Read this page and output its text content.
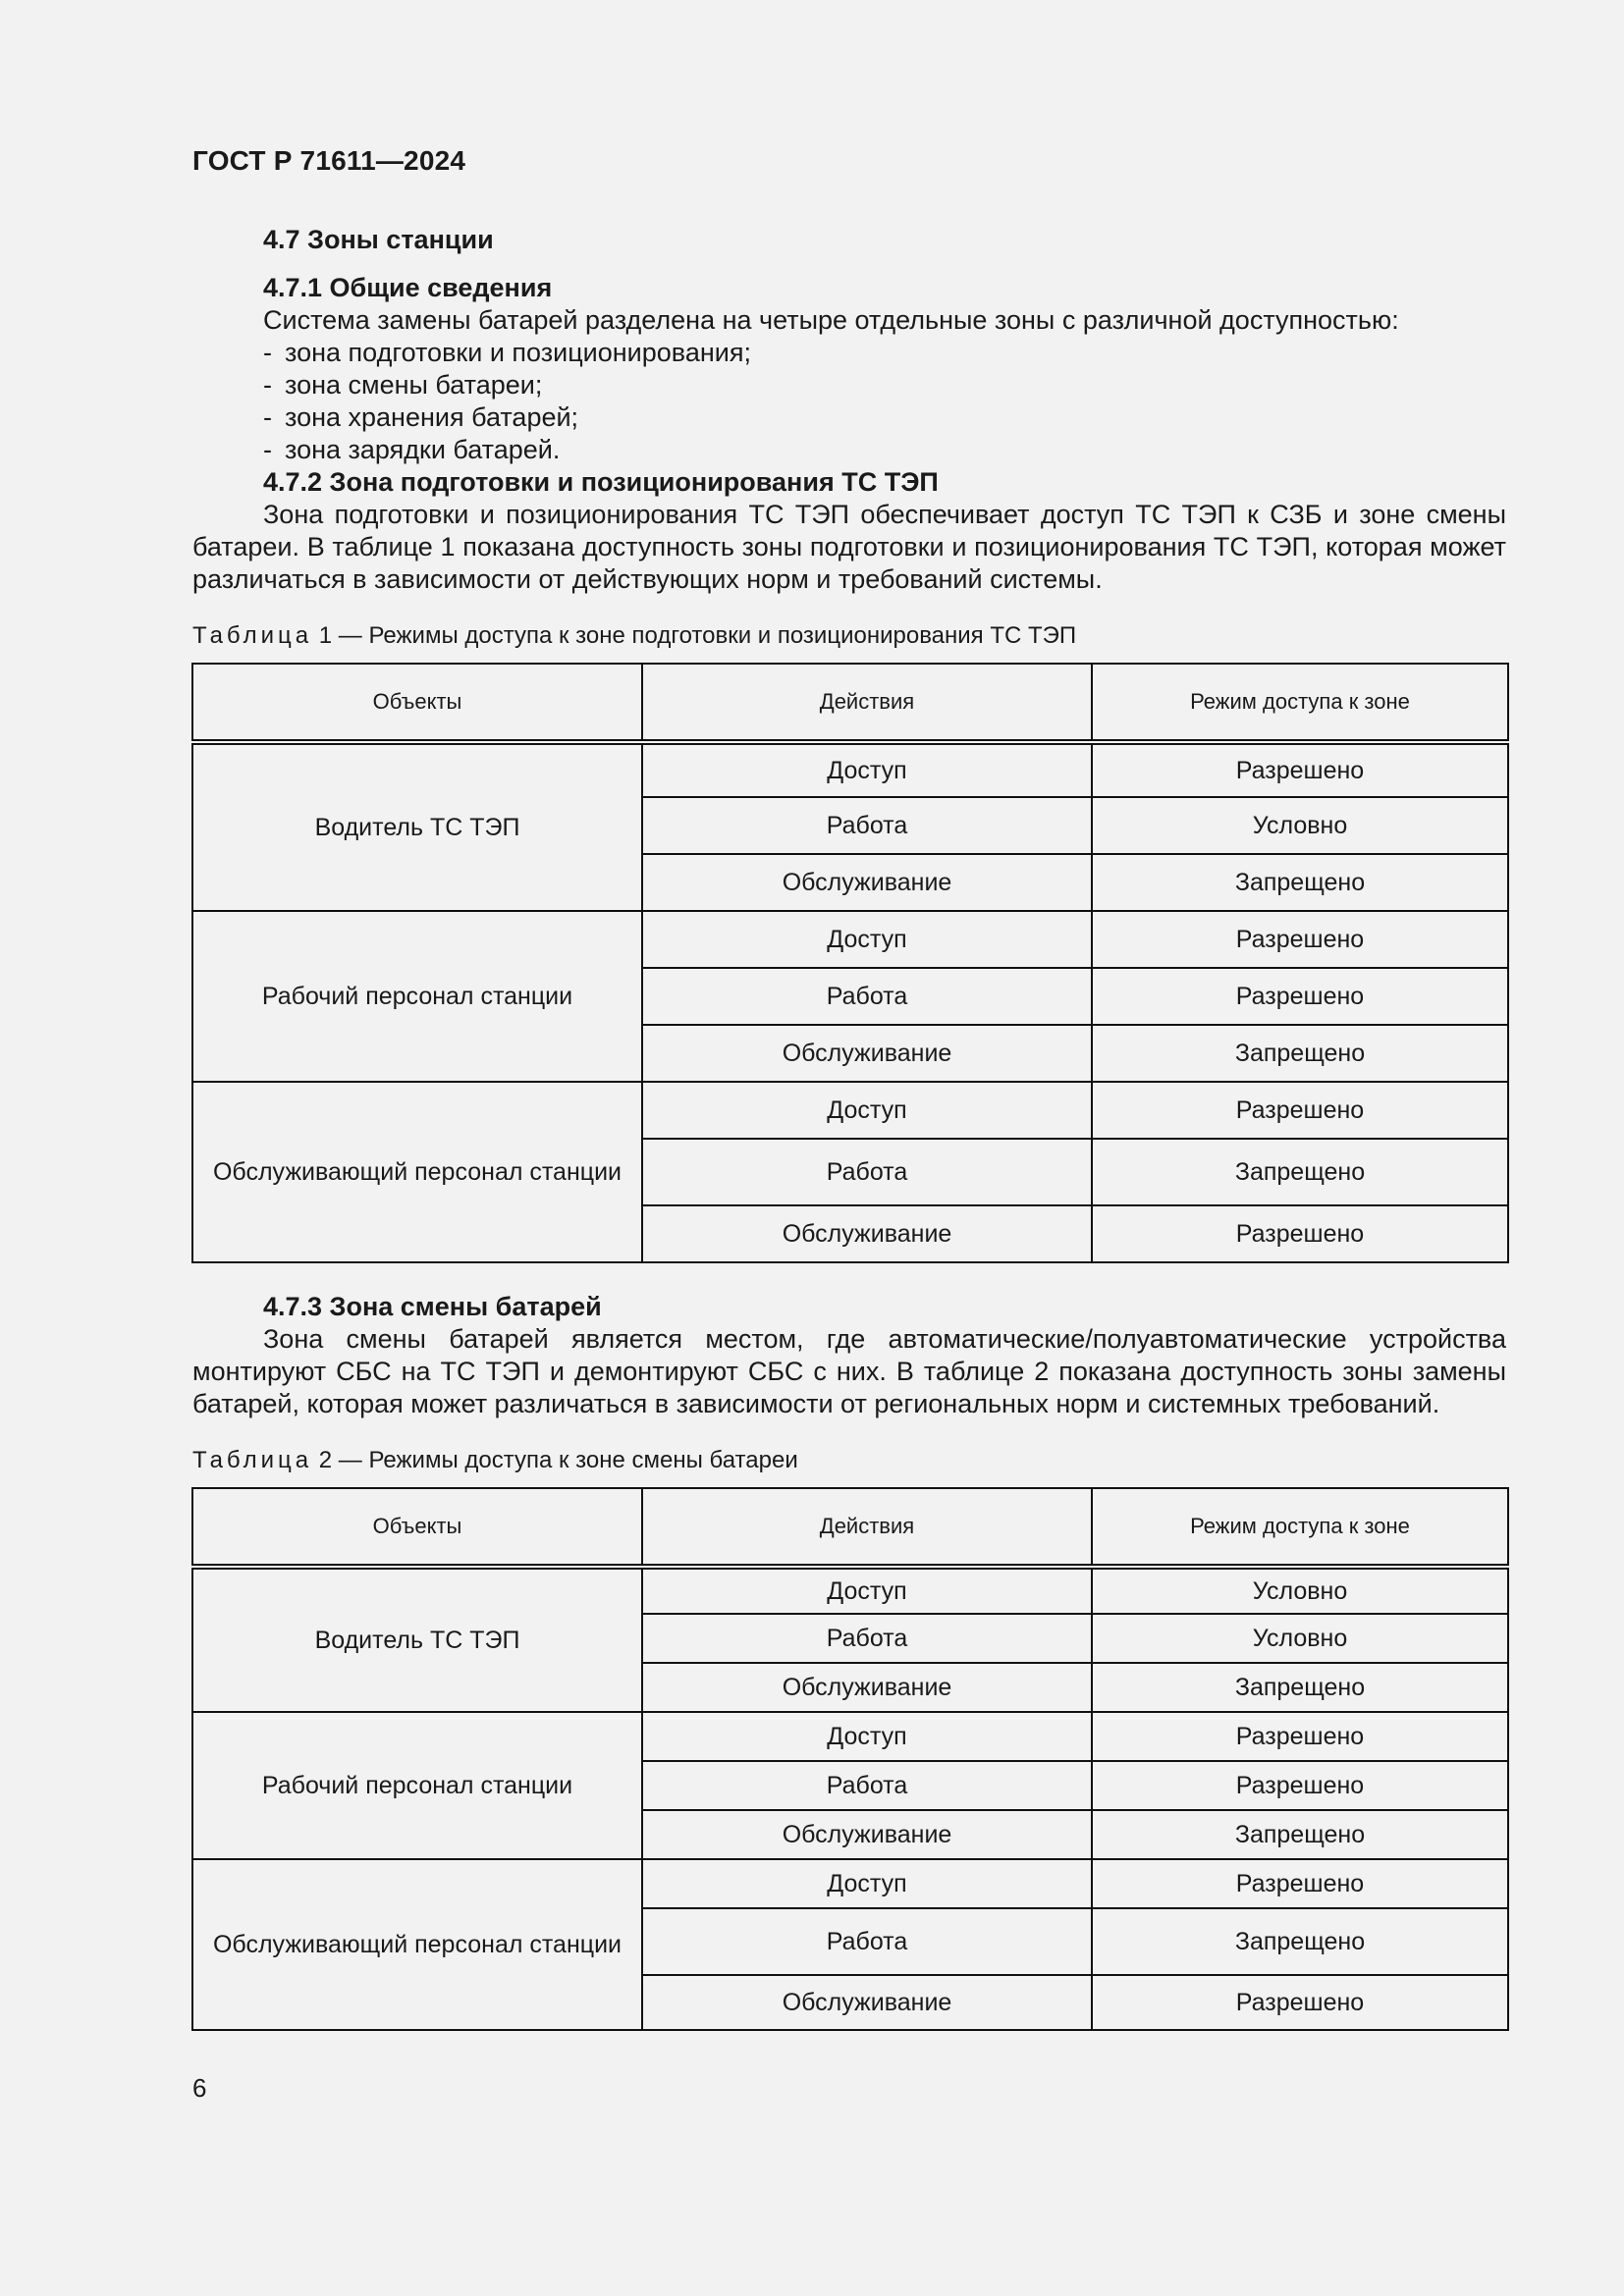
ГОСТ Р 71611—2024
4.7 Зоны станции
4.7.1 Общие сведения

Система замены батарей разделена на четыре отдельные зоны с различной доступностью:

- зона подготовки и позиционирования;
- зона смены батареи;
- зона хранения батарей;
- зона зарядки батарей.
4.7.2 Зона подготовки и позиционирования ТС ТЭП

Зона подготовки и позиционирования ТС ТЭП обеспечивает доступ ТС ТЭП к СЗБ и зоне смены батареи. В таблице 1 показана доступность зоны подготовки и позиционирования ТС ТЭП, которая может различаться в зависимости от действующих норм и требований системы.

Таблица 1 — Режимы доступа к зоне подготовки и позиционирования ТС ТЭП

Объекты	Действия	Режим доступа к зоне
Водитель ТС ТЭП	Доступ	Разрешено
	Работа	Условно
	Обслуживание	Запрещено
Рабочий персонал станции	Доступ	Разрешено
	Работа	Разрешено
	Обслуживание	Запрещено
Обслуживающий персонал станции	Доступ	Разрешено
	Работа	Запрещено
	Обслуживание	Разрешено
4.7.3 Зона смены батарей

Зона смены батарей является местом, где автоматические/полуавтоматические устройства монтируют СБС на ТС ТЭП и демонтируют СБС с них. В таблице 2 показана доступность зоны замены батарей, которая может различаться в зависимости от региональных норм и системных требований.

Таблица 2 — Режимы доступа к зоне смены батареи

Объекты	Действия	Режим доступа к зоне
Водитель ТС ТЭП	Доступ	Условно
	Работа	Условно
	Обслуживание	Запрещено
Рабочий персонал станции	Доступ	Разрешено
	Работа	Разрешено
	Обслуживание	Запрещено
Обслуживающий персонал станции	Доступ	Разрешено
	Работа	Запрещено
	Обслуживание	Разрешено
6
